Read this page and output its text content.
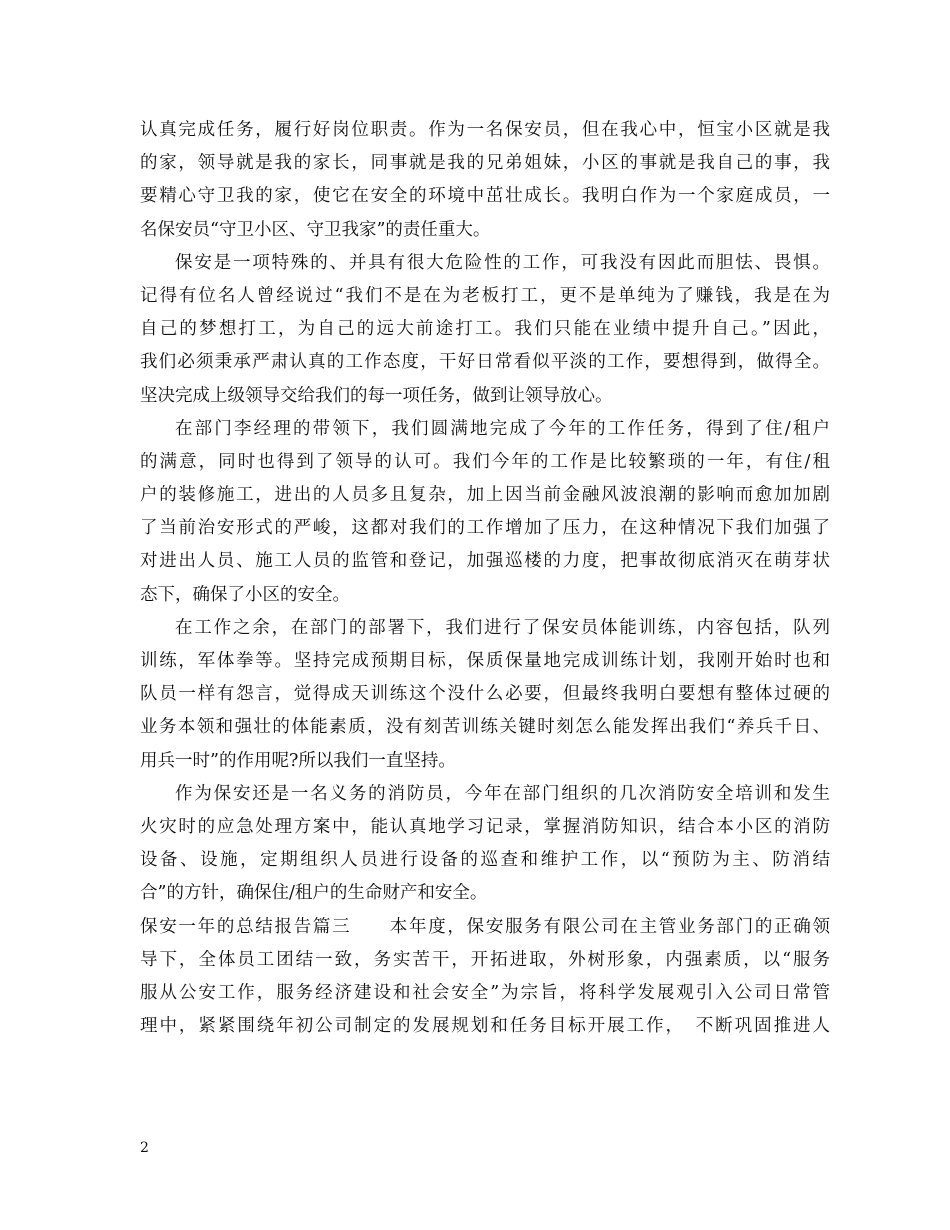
认真完成任务，履行好岗位职责。作为一名保安员，但在我心中，恒宝小区就是我
的家，领导就是我的家长，同事就是我的兄弟姐妹，小区的事就是我自己的事，我
要精心守卫我的家，使它在安全的环境中茁壮成长。我明白作为一个家庭成员，一
名保安员“守卫小区、守卫我家”的责任重大。
保安是一项特殊的、并具有很大危险性的工作，可我没有因此而胆怯、畏惧。
记得有位名人曾经说过“我们不是在为老板打工，更不是单纯为了赚钱，我是在为
自己的梦想打工，为自己的远大前途打工。我们只能在业绩中提升自己。”因此，
我们必须秉承严肃认真的工作态度，干好日常看似平淡的工作，要想得到，做得全。
坚决完成上级领导交给我们的每一项任务，做到让领导放心。
在部门李经理的带领下，我们圆满地完成了今年的工作任务，得到了住/租户
的满意，同时也得到了领导的认可。我们今年的工作是比较繁琐的一年，有住/租
户的装修施工，进出的人员多且复杂，加上因当前金融风波浪潮的影响而愈加加剧
了当前治安形式的严峻，这都对我们的工作增加了压力，在这种情况下我们加强了
对进出人员、施工人员的监管和登记，加强巡楼的力度，把事故彻底消灭在萌芽状
态下，确保了小区的安全。
在工作之余，在部门的部署下，我们进行了保安员体能训练，内容包括，队列
训练，军体拳等。坚持完成预期目标，保质保量地完成训练计划，我刚开始时也和
队员一样有怨言，觉得成天训练这个没什么必要，但最终我明白要想有整体过硬的
业务本领和强壮的体能素质，没有刻苦训练关键时刻怎么能发挥出我们“养兵千日、
用兵一时”的作用呢?所以我们一直坚持。
作为保安还是一名义务的消防员，今年在部门组织的几次消防安全培训和发生
火灾时的应急处理方案中，能认真地学习记录，掌握消防知识，结合本小区的消防
设备、设施，定期组织人员进行设备的巡查和维护工作，以“预防为主、防消结
合”的方针，确保住/租户的生命财产和安全。
保安一年的总结报告篇三　　本年度，保安服务有限公司在主管业务部门的正确领
导下，全体员工团结一致，务实苦干，开拓进取，外树形象，内强素质，以“服务
服从公安工作，服务经济建设和社会安全”为宗旨，将科学发展观引入公司日常管
理中，紧紧围绕年初公司制定的发展规划和任务目标开展工作，　不断巩固推进人
2
